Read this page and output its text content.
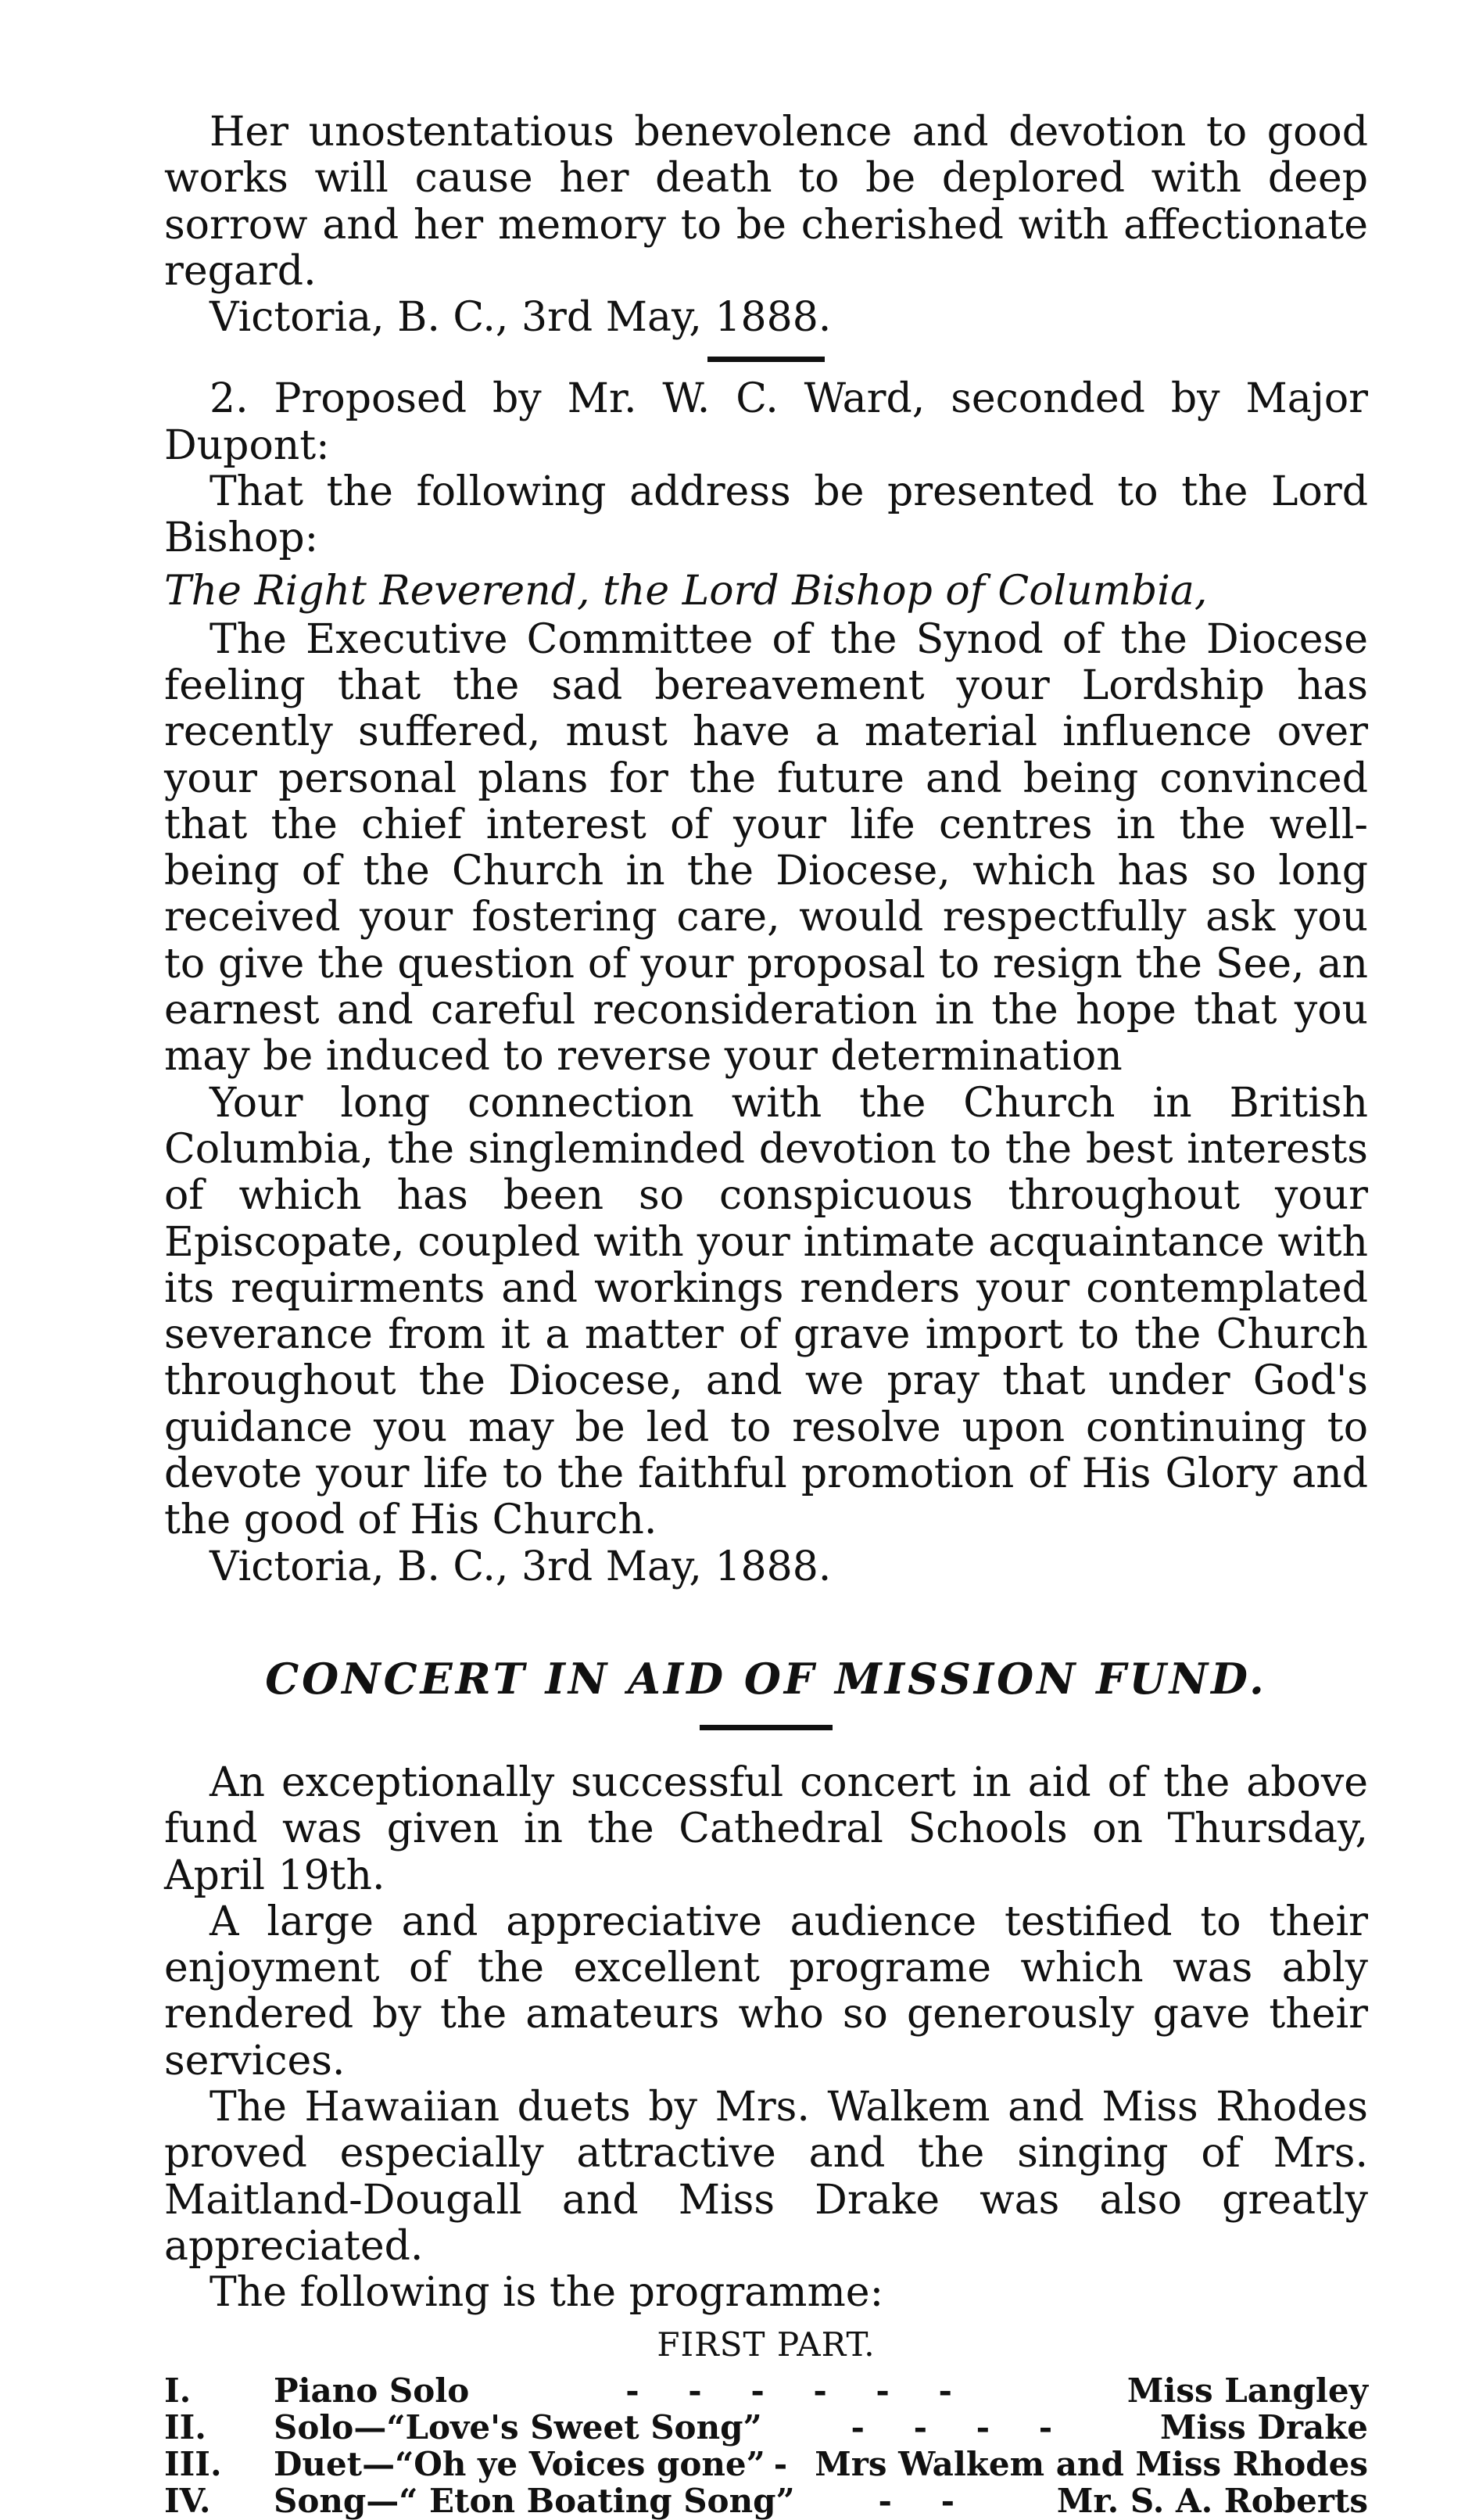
Her unostentatious benevolence and devotion to good works will cause her death to be deplored with deep sorrow and her memory to be cherished with affectionate regard.

Victoria, B. C., 3rd May, 1888.

2. Proposed by Mr. W. C. Ward, seconded by Major Dupont:

That the following address be presented to the Lord Bishop:

The Right Reverend, the Lord Bishop of Columbia,

The Executive Committee of the Synod of the Diocese feeling that the sad bereavement your Lordship has recently suffered, must have a material influence over your personal plans for the future and being convinced that the chief interest of your life centres in the well-being of the Church in the Diocese, which has so long received your fostering care, would respectfully ask you to give the question of your proposal to resign the See, an earnest and careful reconsideration in the hope that you may be induced to reverse your determination

Your long connection with the Church in British Columbia, the singleminded devotion to the best interests of which has been so conspicuous throughout your Episcopate, coupled with your intimate acquaintance with its requirments and workings renders your contemplated severance from it a matter of grave import to the Church throughout the Diocese, and we pray that under God's guidance you may be led to resolve upon continuing to devote your life to the faithful promotion of His Glory and the good of His Church.

Victoria, B. C., 3rd May, 1888.

CONCERT IN AID OF MISSION FUND.

An exceptionally successful concert in aid of the above fund was given in the Cathedral Schools on Thursday, April 19th.

A large and appreciative audience testified to their enjoyment of the excellent programe which was ably rendered by the amateurs who so generously gave their services.

The Hawaiian duets by Mrs. Walkem and Miss Rhodes proved especially attractive and the singing of Mrs. Maitland-Dougall and Miss Drake was also greatly appreciated.

The following is the programme:

FIRST PART.
I.	Piano Solo	- - - - - -	Miss Langley
II.	Solo—“Love's Sweet Song”	- - - -	Miss Drake
III.	Duet—“Oh ye Voices gone” - Mrs Walkem and Miss Rhodes
IV.	Song—“ Eton Boating Song”	- -	Mr. S. A. Roberts
